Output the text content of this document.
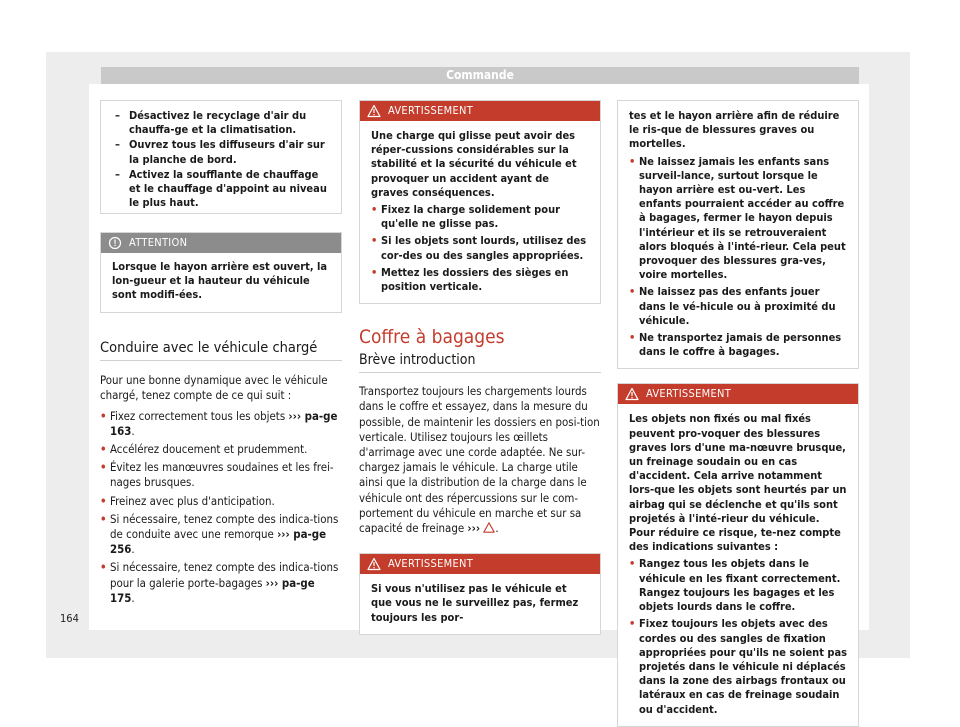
Commande
164
– Désactivez le recyclage d'air du chauffa-ge et la climatisation.
– Ouvrez tous les diffuseurs d'air sur la planche de bord.
– Activez la soufflante de chauffage et le chauffage d'appoint au niveau le plus haut.
ATTENTION
Lorsque le hayon arrière est ouvert, la lon-gueur et la hauteur du véhicule sont modifi-ées.

Conduire avec le véhicule chargé

Pour une bonne dynamique avec le véhicule chargé, tenez compte de ce qui suit :

• Fixez correctement tous les objets ››› pa-ge 163.
• Accélérez doucement et prudemment.
• Évitez les manœuvres soudaines et les frei-nages brusques.
• Freinez avec plus d'anticipation.
• Si nécessaire, tenez compte des indica-tions de conduite avec une remorque ››› pa-ge 256.
• Si nécessaire, tenez compte des indica-tions pour la galerie porte-bagages ››› pa-ge 175.
AVERTISSEMENT

Une charge qui glisse peut avoir des réper-cussions considérables sur la stabilité et la sécurité du véhicule et provoquer un accident ayant de graves conséquences.

• Fixez la charge solidement pour qu'elle ne glisse pas.
• Si les objets sont lourds, utilisez des cor-des ou des sangles appropriées.
• Mettez les dossiers des sièges en position verticale.

Coffre à bagages

Brève introduction

Transportez toujours les chargements lourds dans le coffre et essayez, dans la mesure du possible, de maintenir les dossiers en posi-tion verticale. Utilisez toujours les œillets d'arrimage avec une corde adaptée. Ne sur-chargez jamais le véhicule. La charge utile ainsi que la distribution de la charge dans le véhicule ont des répercussions sur le com-portement du véhicule en marche et sur sa capacité de freinage ››› .

AVERTISSEMENT
Si vous n'utilisez pas le véhicule et que vous ne le surveillez pas, fermez toujours les por-

tes et le hayon arrière afin de réduire le ris-que de blessures graves ou mortelles.

• Ne laissez jamais les enfants sans surveil-lance, surtout lorsque le hayon arrière est ou-vert. Les enfants pourraient accéder au coffre à bagages, fermer le hayon depuis l'intérieur et ils se retrouveraient alors bloqués à l'inté-rieur. Cela peut provoquer des blessures gra-ves, voire mortelles.
• Ne laissez pas des enfants jouer dans le vé-hicule ou à proximité du véhicule.
• Ne transportez jamais de personnes dans le coffre à bagages.
AVERTISSEMENT

Les objets non fixés ou mal fixés peuvent pro-voquer des blessures graves lors d'une ma-nœuvre brusque, un freinage soudain ou en cas d'accident. Cela arrive notamment lors-que les objets sont heurtés par un airbag qui se déclenche et qu'ils sont projetés à l'inté-rieur du véhicule. Pour réduire ce risque, te-nez compte des indications suivantes :

• Rangez tous les objets dans le véhicule en les fixant correctement. Rangez toujours les bagages et les objets lourds dans le coffre.
• Fixez toujours les objets avec des cordes ou des sangles de fixation appropriées pour qu'ils ne soient pas projetés dans le véhicule ni déplacés dans la zone des airbags frontaux ou latéraux en cas de freinage soudain ou d'accident.
